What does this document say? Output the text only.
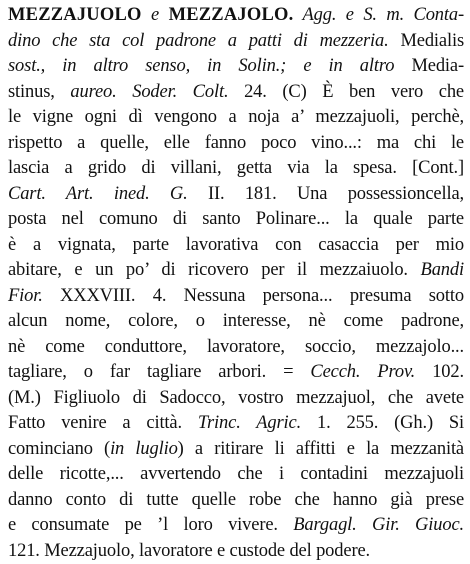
MEZZAJUOLO e MEZZAJOLO. Agg. e S. m. Conta-
dino che sta col padrone a patti di mezzeria. Medialis
sost., in altro senso, in Solin.; e in altro Media-
stinus, aureo. Soder. Colt. 24. (C) È ben vero che
le vigne ogni dì vengono a noja a’ mezzajuoli, perchè,
rispetto a quelle, elle fanno poco vino...: ma chi le
lascia a grido di villani, getta via la spesa. [Cont.]
Cart. Art. ined. G. II. 181. Una possessioncella,
posta nel comuno di santo Polinare... la quale parte
è a vignata, parte lavorativa con casaccia per mio
abitare, e un po’ di ricovero per il mezzaiuolo. Bandi
Fior. XXXVIII. 4. Nessuna persona... presuma sotto
alcun nome, colore, o interesse, nè come padrone,
nè come conduttore, lavoratore, soccio, mezzajolo...
tagliare, o far tagliare arbori. = Cecch. Prov. 102.
(M.) Figliuolo di Sadocco, vostro mezzajuol, che avete
Fatto venire a città. Trinc. Agric. 1. 255. (Gh.) Si
cominciano (in luglio) a ritirare li affitti e la mezzanità
delle ricotte,... avvertendo che i contadini mezzajuoli
danno conto di tutte quelle robe che hanno già prese
e consumate pe ’l loro vivere. Bargagl. Gir. Giuoc.
121. Mezzajuolo, lavoratore e custode del podere.
